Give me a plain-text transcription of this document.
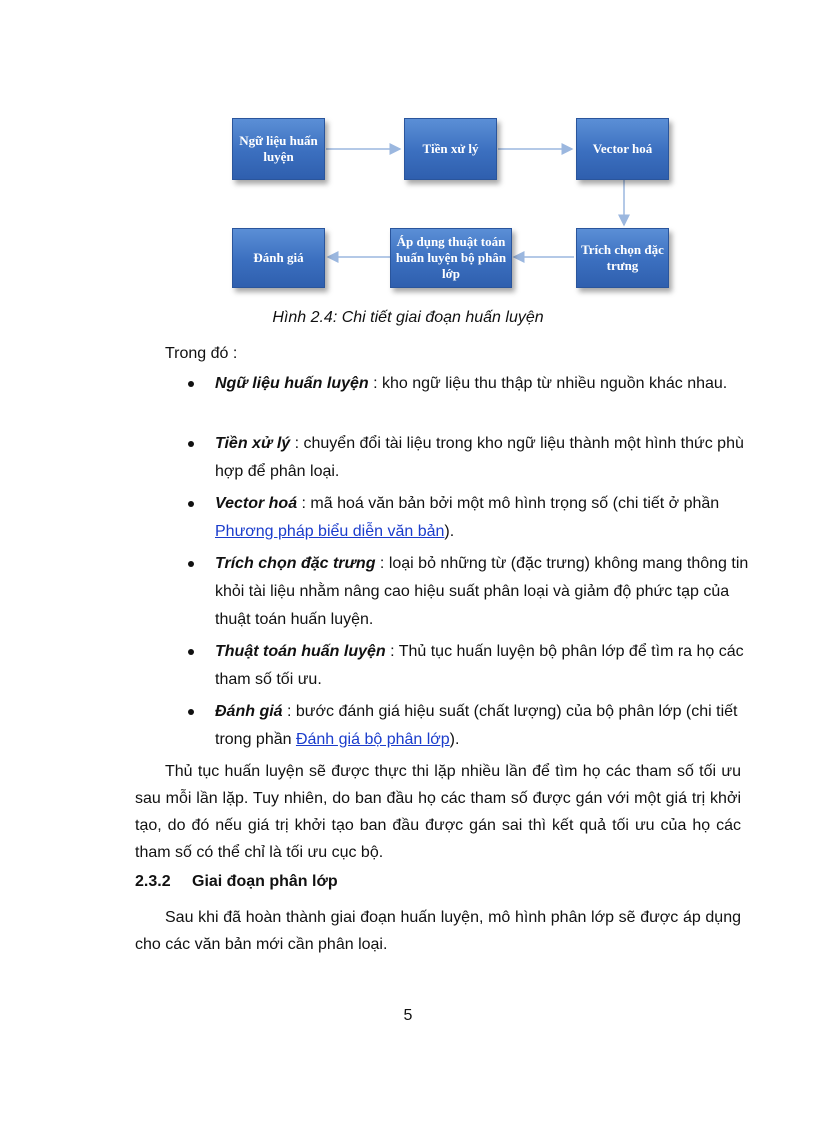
Ngữ liệu huấn luyện
Tiền xử lý	Vector hoá
Trích chọn đặc trưng
Áp dụng thuật toán huấn luyện bộ phân lớp
Đánh giá
Hình 2.4: Chi tiết giai đoạn huấn luyện

Trong đó :

Ngữ liệu huấn luyện : kho ngữ liệu thu thập từ nhiều nguồn khác nhau.
Tiền xử lý : chuyển đổi tài liệu trong kho ngữ liệu thành một hình thức phù hợp để phân loại.
Vector hoá : mã hoá văn bản bởi một mô hình trọng số (chi tiết ở phần Phương pháp biểu diễn văn bản).
Trích chọn đặc trưng : loại bỏ những từ (đặc trưng) không mang thông tin khỏi tài liệu nhằm nâng cao hiệu suất phân loại và giảm độ phức tạp của thuật toán huấn luyện.
Thuật toán huấn luyện : Thủ tục huấn luyện bộ phân lớp để tìm ra họ các tham số tối ưu.
Đánh giá : bước đánh giá hiệu suất (chất lượng) của bộ phân lớp (chi tiết trong phần Đánh giá bộ phân lớp).

Thủ tục huấn luyện sẽ được thực thi lặp nhiều lần để tìm họ các tham số tối ưu sau mỗi lần lặp. Tuy nhiên, do ban đầu họ các tham số được gán với một giá trị khởi tạo, do đó nếu giá trị khởi tạo ban đầu được gán sai thì kết quả tối ưu của họ các tham số có thể chỉ là tối ưu cục bộ.

2.3.2 Giai đoạn phân lớp

Sau khi đã hoàn thành giai đoạn huấn luyện, mô hình phân lớp sẽ được áp dụng cho các văn bản mới cần phân loại.

5
